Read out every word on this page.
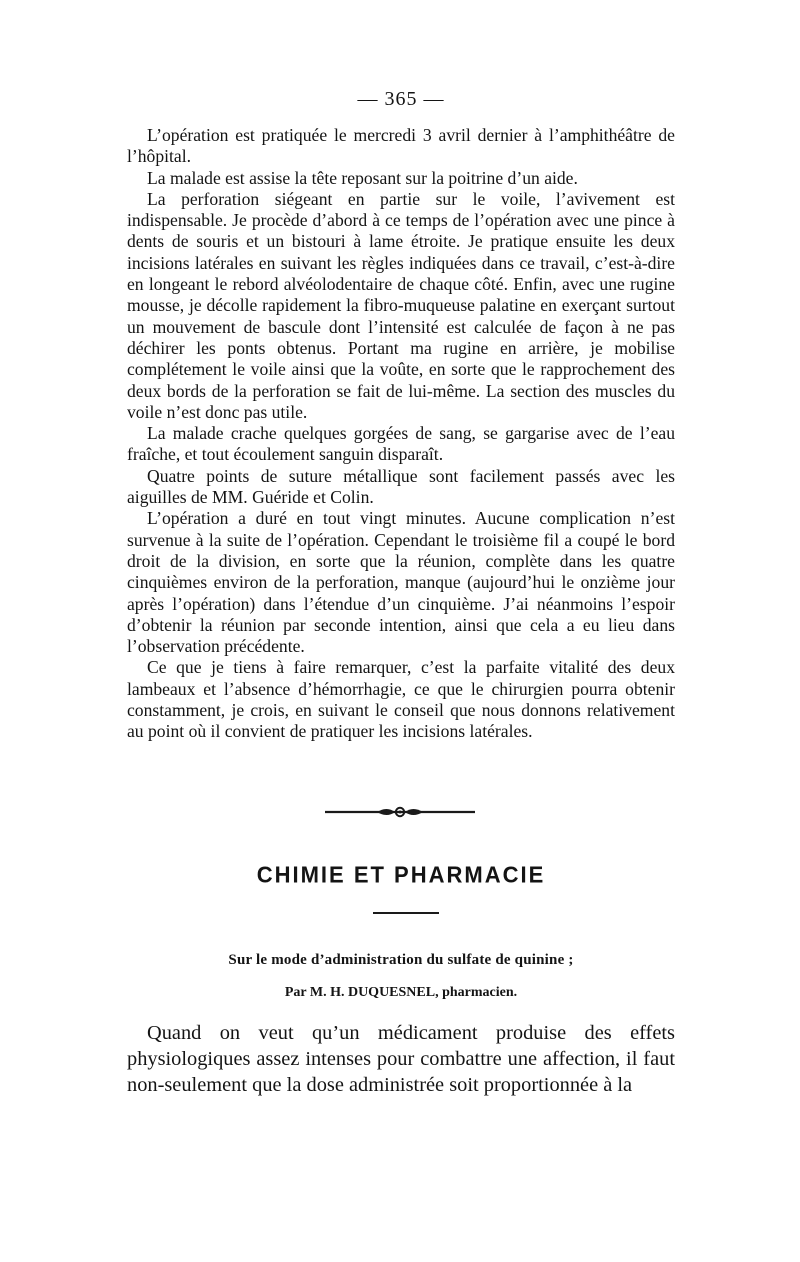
— 365 —

L’opération est pratiquée le mercredi 3 avril dernier à l’amphithéâtre de l’hôpital.

La malade est assise la tête reposant sur la poitrine d’un aide.

La perforation siégeant en partie sur le voile, l’avivement est indispensable. Je procède d’abord à ce temps de l’opération avec une pince à dents de souris et un bistouri à lame étroite. Je pratique ensuite les deux incisions latérales en suivant les règles indiquées dans ce travail, c’est-à-dire en longeant le rebord alvéolodentaire de chaque côté. Enfin, avec une rugine mousse, je décolle rapidement la fibro-muqueuse palatine en exerçant surtout un mouvement de bascule dont l’intensité est calculée de façon à ne pas déchirer les ponts obtenus. Portant ma rugine en arrière, je mobilise complétement le voile ainsi que la voûte, en sorte que le rapprochement des deux bords de la perforation se fait de lui-même. La section des muscles du voile n’est donc pas utile.

La malade crache quelques gorgées de sang, se gargarise avec de l’eau fraîche, et tout écoulement sanguin disparaît.

Quatre points de suture métallique sont facilement passés avec les aiguilles de MM. Guéride et Colin.

L’opération a duré en tout vingt minutes. Aucune complication n’est survenue à la suite de l’opération. Cependant le troisième fil a coupé le bord droit de la division, en sorte que la réunion, complète dans les quatre cinquièmes environ de la perforation, manque (aujourd’hui le onzième jour après l’opération) dans l’étendue d’un cinquième. J’ai néanmoins l’espoir d’obtenir la réunion par seconde intention, ainsi que cela a eu lieu dans l’observation précédente.

Ce que je tiens à faire remarquer, c’est la parfaite vitalité des deux lambeaux et l’absence d’hémorrhagie, ce que le chirurgien pourra obtenir constamment, je crois, en suivant le conseil que nous donnons relativement au point où il convient de pratiquer les incisions latérales.

CHIMIE ET PHARMACIE
Sur le mode d’administration du sulfate de quinine ;
Par M. H. DUQUESNEL, pharmacien.

Quand on veut qu’un médicament produise des effets physiologiques assez intenses pour combattre une affection, il faut non-seulement que la dose administrée soit proportionnée à la
